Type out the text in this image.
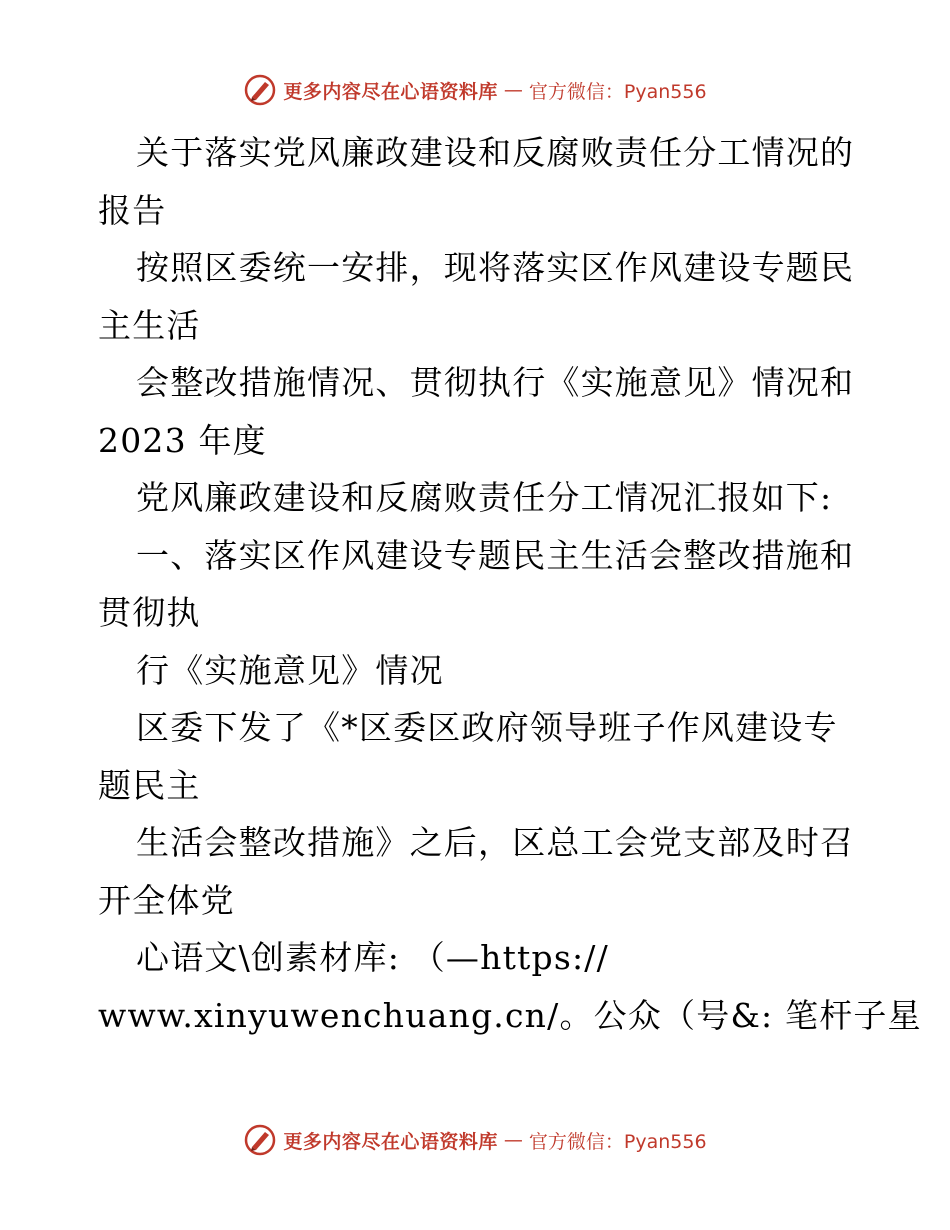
更多内容尽在心语资料库 — 官方微信：Pyan556
关于落实党风廉政建设和反腐败责任分工情况的
报告
按照区委统一安排，现将落实区作风建设专题民
主生活
会整改措施情况、贯彻执行《实施意见》情况和
2023 年度
党风廉政建设和反腐败责任分工情况汇报如下:
一、落实区作风建设专题民主生活会整改措施和
贯彻执
行《实施意见》情况
区委下发了《*区委区政府领导班子作风建设专
题民主
生活会整改措施》之后，区总工会党支部及时召
开全体党
心语文\创素材库: （—https://
www.xinyuwenchuang.cn/。公众（号&: 笔杆子星
更多内容尽在心语资料库 — 官方微信：Pyan556
